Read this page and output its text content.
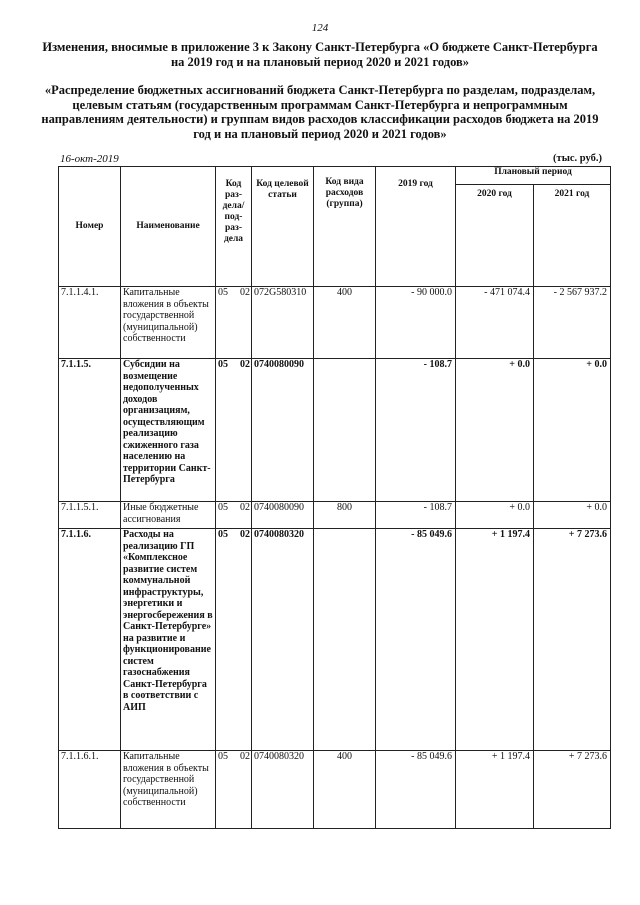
124
Изменения, вносимые в приложение 3 к Закону Санкт-Петербурга «О бюджете Санкт-Петербурга на 2019 год и на плановый период 2020 и 2021 годов»
«Распределение бюджетных ассигнований бюджета Санкт-Петербурга по разделам, подразделам, целевым статьям (государственным программам Санкт-Петербурга и непрограммным направлениям деятельности) и группам видов расходов классификации расходов бюджета на 2019 год и на плановый период 2020 и 2021 годов»
16-окт-2019	(тыс. руб.)
Номер	Наименование	Код раз-дела/ под-раз-дела		Код целевой статьи	Код вида расходов (группа)	2019 год	Плановый период	
							2020 год	2021 год
7.1.1.4.1.	Капитальные вложения в объекты государственной (муниципальной) собственности	05	02	072G580310	400	- 90 000.0	- 471 074.4	- 2 567 937.2
7.1.1.5.	Субсидии на возмещение недополученных доходов организациям, осуществляющим реализацию сжиженного газа населению на территории Санкт-Петербурга	05	02	0740080090		- 108.7	+ 0.0	+ 0.0
7.1.1.5.1.	Иные бюджетные ассигнования	05	02	0740080090	800	- 108.7	+ 0.0	+ 0.0
7.1.1.6.	Расходы на реализацию ГП «Комплексное развитие систем коммунальной инфраструктуры, энергетики и энергосбережения в Санкт-Петербурге» на развитие и функционирование систем газоснабжения Санкт-Петербурга в соответствии с АИП	05	02	0740080320		- 85 049.6	+ 1 197.4	+ 7 273.6
7.1.1.6.1.	Капитальные вложения в объекты государственной (муниципальной) собственности	05	02	0740080320	400	- 85 049.6	+ 1 197.4	+ 7 273.6
